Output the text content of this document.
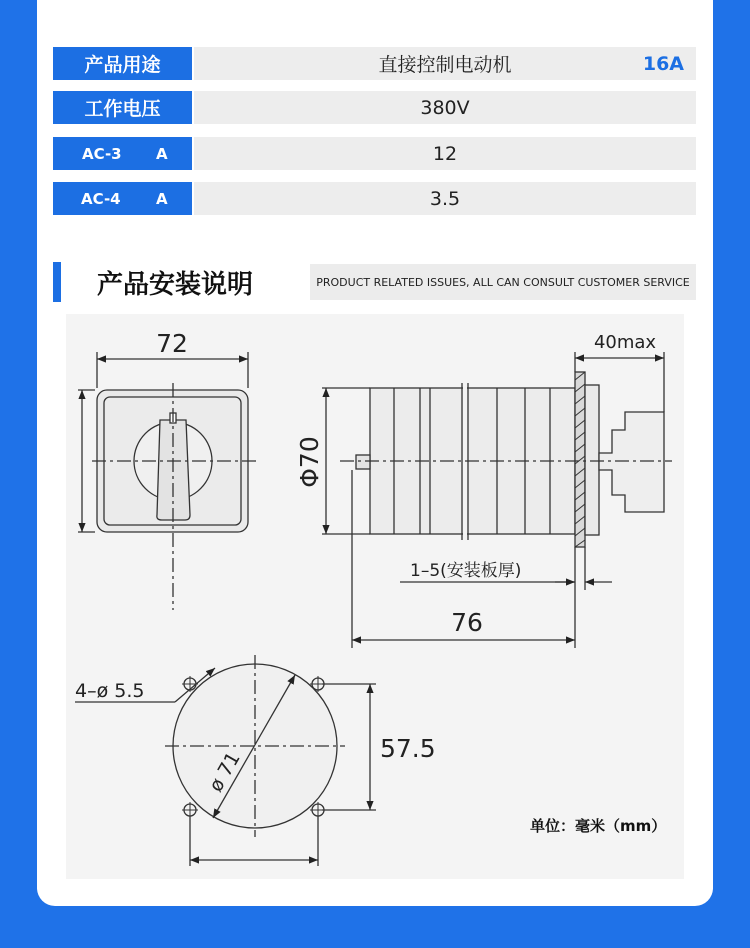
产品用途	直接控制电动机	16A
工作电压	380V
AC-3 A	12
AC-4 A	3.5
产品安装说明	PRODUCT RELATED ISSUES, ALL CAN CONSULT CUSTOMER SERVICE
72
Φ70
40max
1–5(安装板厚)
76
4–ø 5.5
ø 71	57.5
单位：毫米（mm）
